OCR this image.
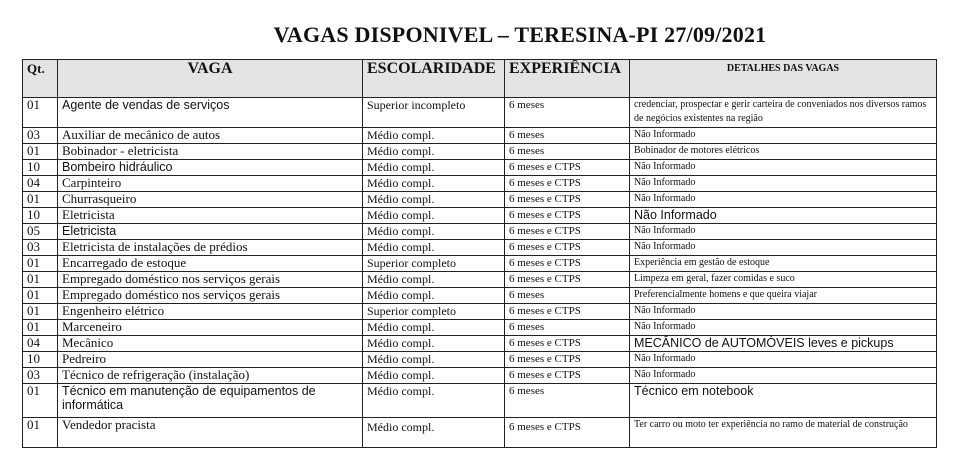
VAGAS DISPONIVEL – TERESINA-PI 27/09/2021
Qt.	VAGA	ESCOLARIDADE	EXPERIÊNCIA	DETALHES DAS VAGAS
01	Agente de vendas de serviços	Superior incompleto	6 meses	credenciar, prospectar e gerir carteira de conveniados nos diversos ramos de negócios existentes na região
03	Auxiliar de mecânico de autos	Médio compl.	6 meses	Não Informado
01	Bobinador - eletricista	Médio compl.	6 meses	Bobinador de motores elétricos
10	Bombeiro hidráulico	Médio compl.	6 meses e CTPS	Não Informado
04	Carpinteiro	Médio compl.	6 meses e CTPS	Não Informado
01	Churrasqueiro	Médio compl.	6 meses e CTPS	Não Informado
10	Eletricista	Médio compl.	6 meses e CTPS	Não Informado
05	Eletricista	Médio compl.	6 meses e CTPS	Não Informado
03	Eletricista de instalações de prédios	Médio compl.	6 meses e CTPS	Não Informado
01	Encarregado de estoque	Superior completo	6 meses e CTPS	Experiência em gestão de estoque
01	Empregado doméstico nos serviços gerais	Médio compl.	6 meses e CTPS	Limpeza em geral, fazer comidas e suco
01	Empregado doméstico nos serviços gerais	Médio compl.	6 meses	Preferencialmente homens e que queira viajar
01	Engenheiro elétrico	Superior completo	6 meses e CTPS	Não Informado
01	Marceneiro	Médio compl.	6 meses	Não Informado
04	Mecânico	Médio compl.	6 meses e CTPS	MECÂNICO de AUTOMÓVEIS leves e pickups
10	Pedreiro	Médio compl.	6 meses e CTPS	Não Informado
03	Técnico de refrigeração (instalação)	Médio compl.	6 meses e CTPS	Não Informado
01	Técnico em manutenção de equipamentos de informática	Médio compl.	6 meses	Técnico em notebook
01	Vendedor pracista	Médio compl.	6 meses e CTPS	Ter carro ou moto ter experiência no ramo de material de construção
